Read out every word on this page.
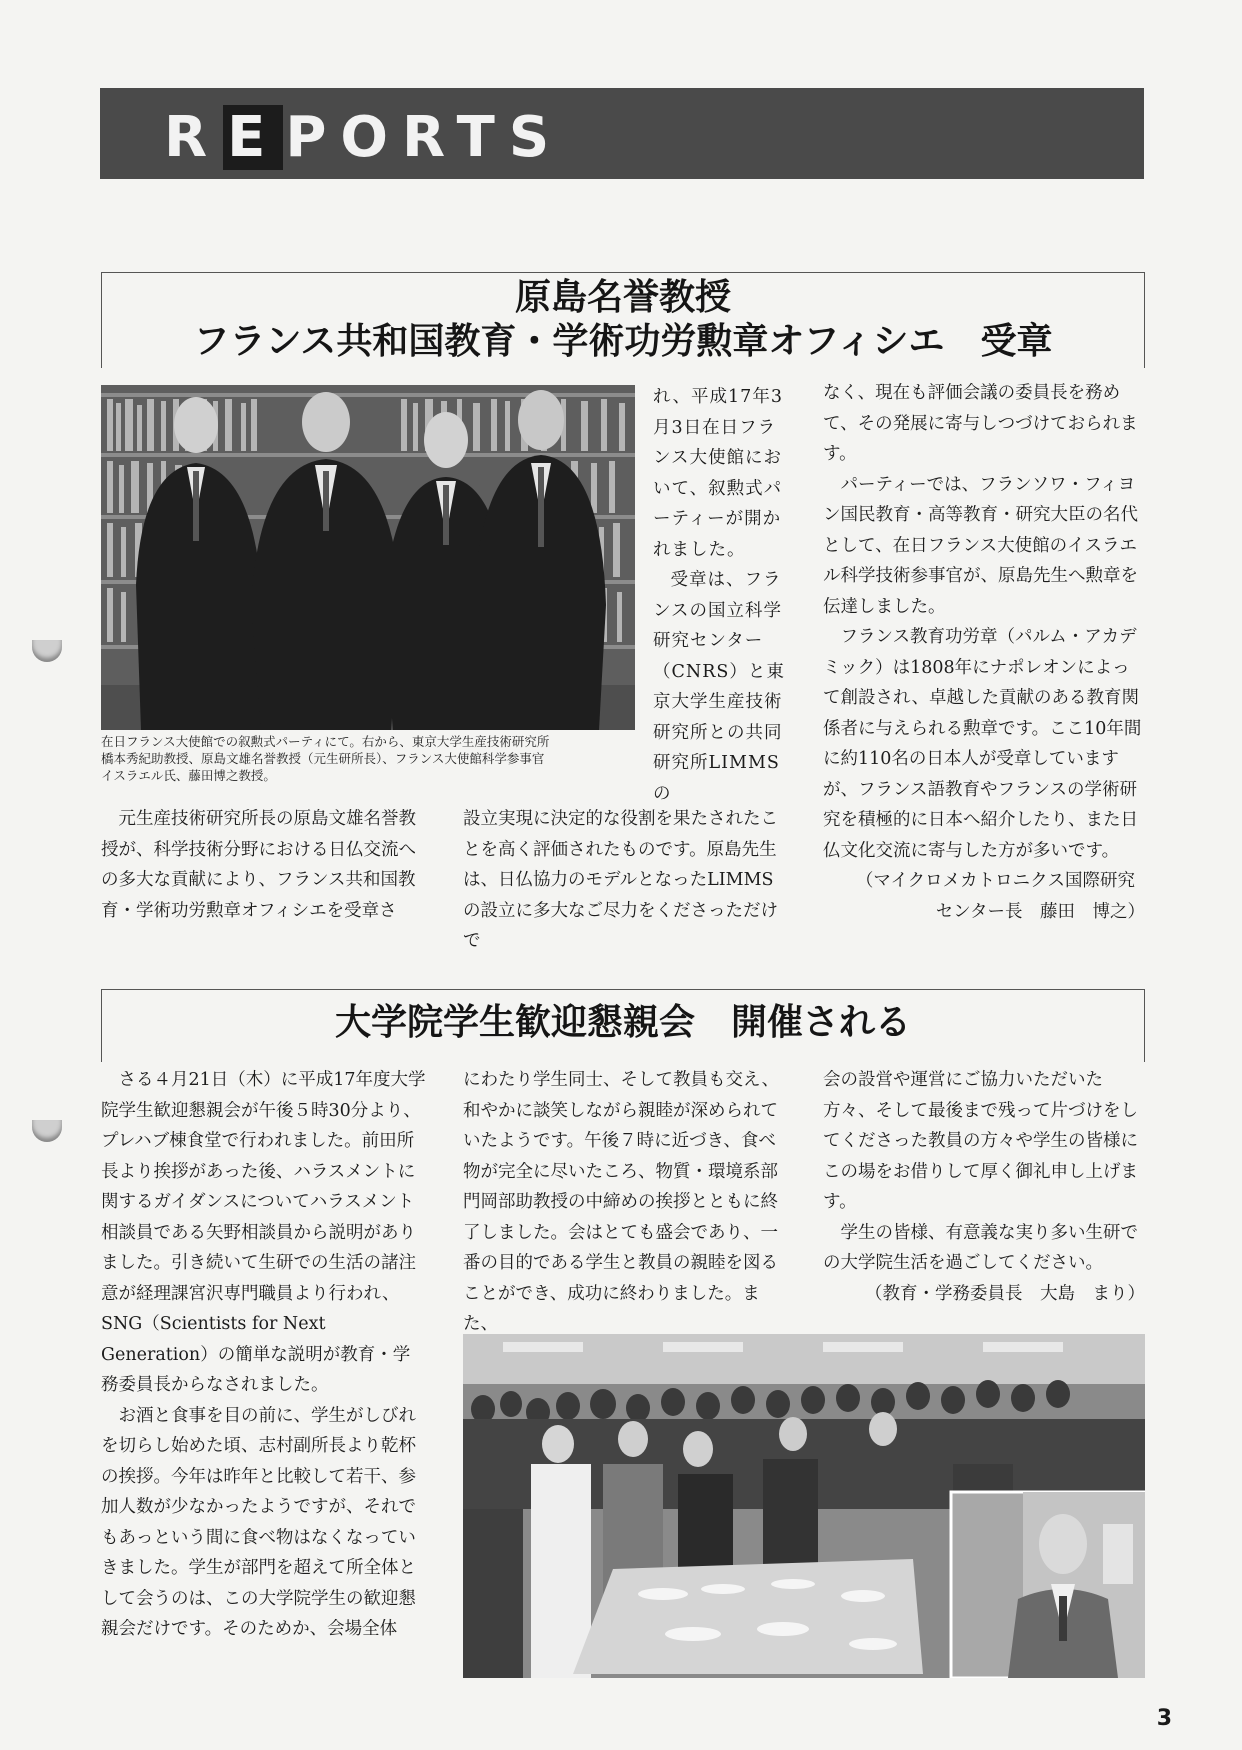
R E PORTS
原島名誉教授
フランス共和国教育・学術功労勲章オフィシエ　受章
在日フランス大使館での叙勲式パーティにて。右から、東京大学生産技術研究所
橋本秀紀助教授、原島文雄名誉教授（元生研所長）、フランス大使館科学参事官
イスラエル氏、藤田博之教授。

れ、平成17年3月3日在日フランス大使館において、叙勲式パーティーが開かれました。

受章は、フランスの国立科学研究センター（CNRS）と東京大学生産技術研究所との共同研究所LIMMSの

元生産技術研究所長の原島文雄名誉教授が、科学技術分野における日仏交流への多大な貢献により、フランス共和国教育・学術功労勲章オフィシエを受章さ

設立実現に決定的な役割を果たされたことを高く評価されたものです。原島先生は、日仏協力のモデルとなったLIMMSの設立に多大なご尽力をくださっただけで

なく、現在も評価会議の委員長を務めて、その発展に寄与しつづけておられます。

パーティーでは、フランソワ・フィヨン国民教育・高等教育・研究大臣の名代として、在日フランス大使館のイスラエル科学技術参事官が、原島先生へ勲章を伝達しました。

フランス教育功労章（パルム・アカデミック）は1808年にナポレオンによって創設され、卓越した貢献のある教育関係者に与えられる勲章です。ここ10年間に約110名の日本人が受章していますが、フランス語教育やフランスの学術研究を積極的に日本へ紹介したり、また日仏文化交流に寄与した方が多いです。

（マイクロメカトロニクス国際研究

センター長　藤田　博之）

大学院学生歓迎懇親会　開催される

さる４月21日（木）に平成17年度大学院学生歓迎懇親会が午後５時30分より、プレハブ棟食堂で行われました。前田所長より挨拶があった後、ハラスメントに関するガイダンスについてハラスメント相談員である矢野相談員から説明がありました。引き続いて生研での生活の諸注意が経理課宮沢専門職員より行われ、SNG（Scientists for Next Generation）の簡単な説明が教育・学務委員長からなされました。

お酒と食事を目の前に、学生がしびれを切らし始めた頃、志村副所長より乾杯の挨拶。今年は昨年と比較して若干、参加人数が少なかったようですが、それでもあっという間に食べ物はなくなっていきました。学生が部門を超えて所全体として会うのは、この大学院学生の歓迎懇親会だけです。そのためか、会場全体

にわたり学生同士、そして教員も交え、和やかに談笑しながら親睦が深められていたようです。午後７時に近づき、食べ物が完全に尽いたころ、物質・環境系部門岡部助教授の中締めの挨拶とともに終了しました。会はとても盛会であり、一番の目的である学生と教員の親睦を図ることができ、成功に終わりました。また、

会の設営や運営にご協力いただいた方々、そして最後まで残って片づけをしてくださった教員の方々や学生の皆様にこの場をお借りして厚く御礼申し上げます。

学生の皆様、有意義な実り多い生研での大学院生活を過ごしてください。

（教育・学務委員長　大島　まり）

3
